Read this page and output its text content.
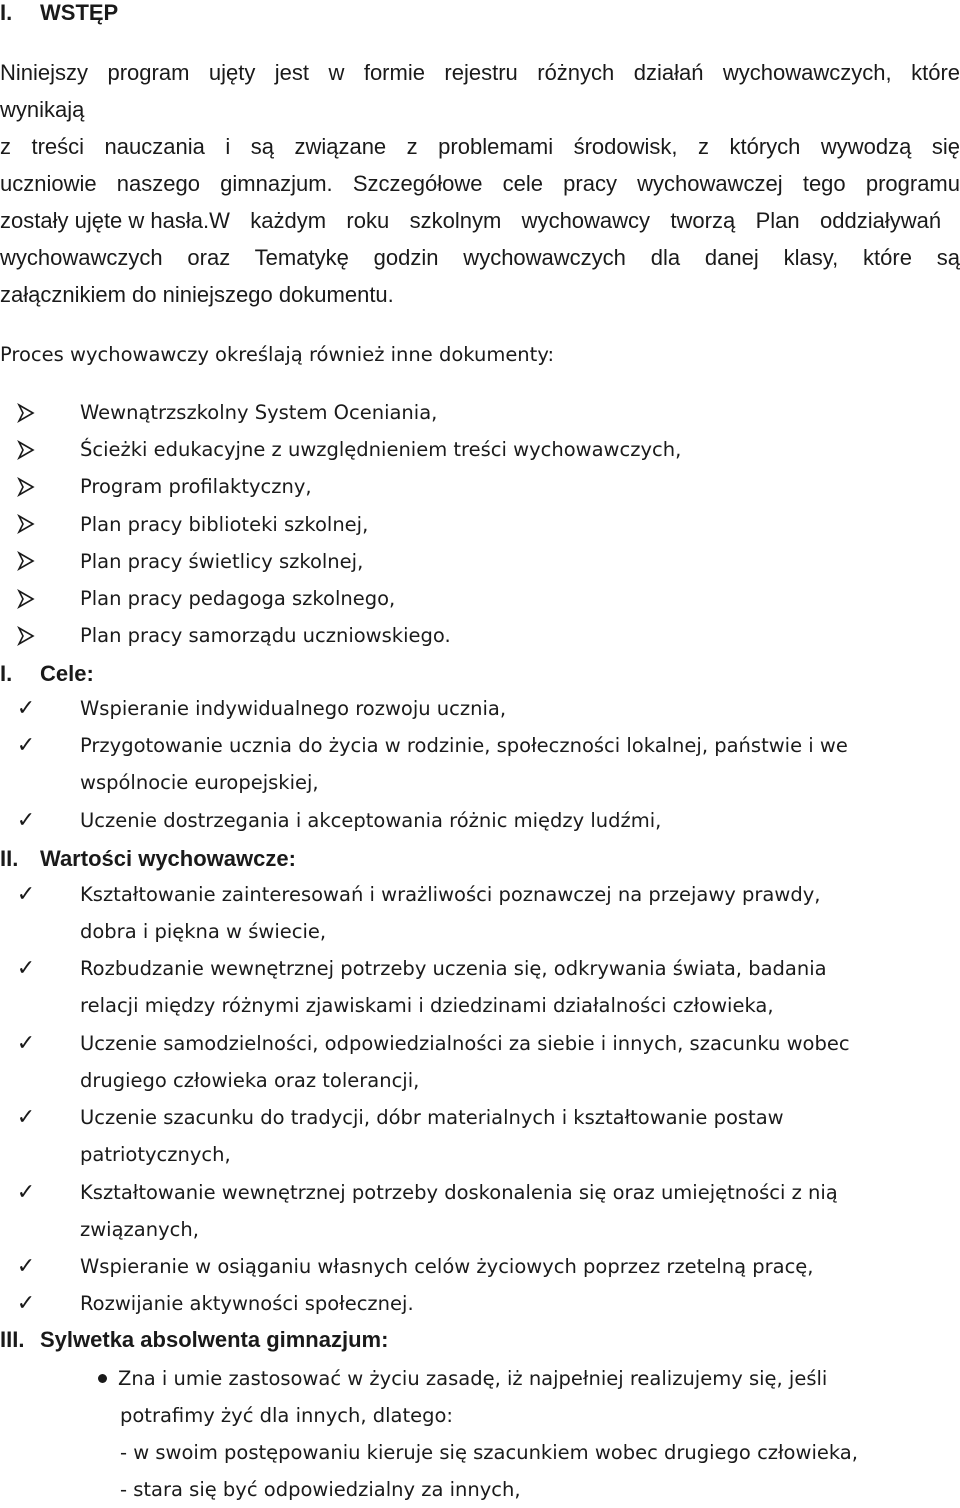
I. WSTĘP
Niniejszy program ujęty jest w formie rejestru różnych działań wychowawczych, które
wynikają
z treści nauczania i są związane z problemami środowisk, z których wywodzą się
uczniowie naszego gimnazjum. Szczegółowe cele pracy wychowawczej tego programu
zostały ujęte w hasła.W każdym roku szkolnym wychowawcy tworzą Plan oddziaływań
wychowawczych oraz Tematykę godzin wychowawczych dla danej klasy, które są
załącznikiem do niniejszego dokumentu.
Proces wychowawczy określają również inne dokumenty:
Wewnątrzszkolny System Oceniania,
Ścieżki edukacyjne z uwzględnieniem treści wychowawczych,
Program profilaktyczny,
Plan pracy biblioteki szkolnej,
Plan pracy świetlicy szkolnej,
Plan pracy pedagoga szkolnego,
Plan pracy samorządu uczniowskiego.
I. Cele:
✓ Wspieranie indywidualnego rozwoju ucznia,
✓ Przygotowanie ucznia do życia w rodzinie, społeczności lokalnej, państwie i we
wspólnocie europejskiej,
✓ Uczenie dostrzegania i akceptowania różnic między ludźmi,
II. Wartości wychowawcze:
✓ Kształtowanie zainteresowań i wrażliwości poznawczej na przejawy prawdy,
dobra i piękna w świecie,
✓ Rozbudzanie wewnętrznej potrzeby uczenia się, odkrywania świata, badania
relacji między różnymi zjawiskami i dziedzinami działalności człowieka,
✓ Uczenie samodzielności, odpowiedzialności za siebie i innych, szacunku wobec
drugiego człowieka oraz tolerancji,
✓ Uczenie szacunku do tradycji, dóbr materialnych i kształtowanie postaw
patriotycznych,
✓ Kształtowanie wewnętrznej potrzeby doskonalenia się oraz umiejętności z nią
związanych,
✓ Wspieranie w osiąganiu własnych celów życiowych poprzez rzetelną pracę,
✓ Rozwijanie aktywności społecznej.
III. Sylwetka absolwenta gimnazjum:
Zna i umie zastosować w życiu zasadę, iż najpełniej realizujemy się, jeśli
potrafimy żyć dla innych, dlatego:
- w swoim postępowaniu kieruje się szacunkiem wobec drugiego człowieka,
- stara się być odpowiedzialny za innych,
